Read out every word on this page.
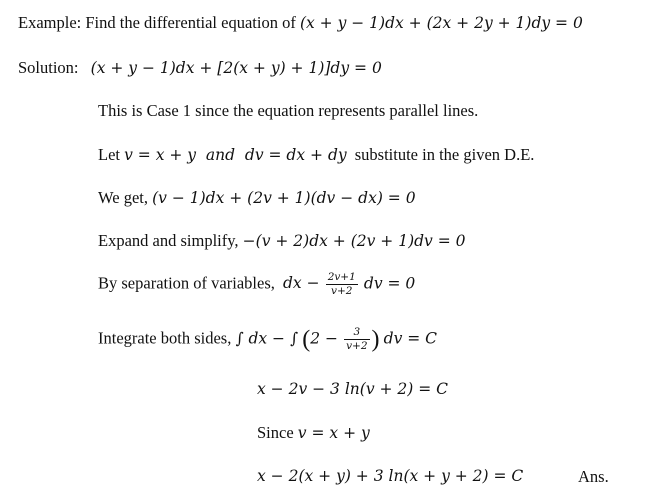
Example: Find the differential equation of (x + y − 1)dx + (2x + 2y + 1)dy = 0
Solution: (x + y − 1)dx + [2(x + y) + 1)]dy = 0
This is Case 1 since the equation represents parallel lines.
Let v = x + y  and  dv = dx + dy substitute in the given D.E.
We get, (v − 1)dx + (2v + 1)(dv − dx) = 0
Expand and simplify, −(v + 2)dx + (2v + 1)dv = 0
By separation of variables, dx − $\frac{2v+1}{v+2}$ dv = 0
Integrate both sides, ∫ dx − ∫ ($2 - \frac{3}{v+2}$ ) dv = C
x − 2v − 3 ln(v + 2) = C
Since v = x + y
x − 2(x + y) + 3 ln(x + y + 2) = C	Ans.
